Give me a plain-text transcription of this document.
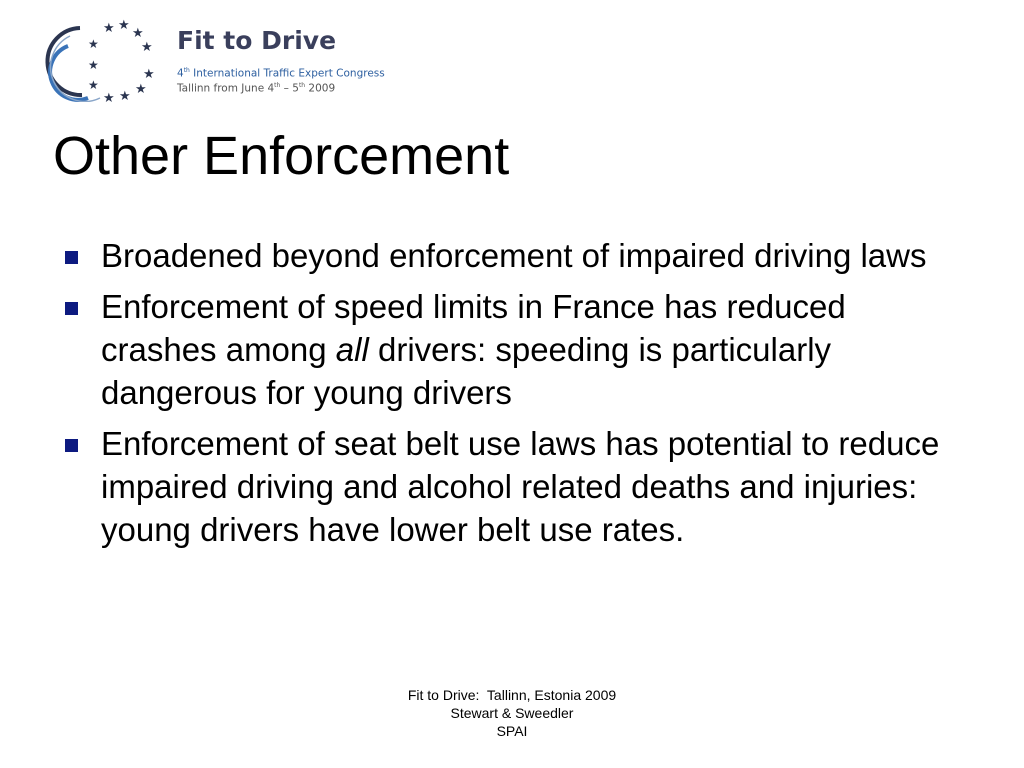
★ ★
★
★
★
★
★
★ ★ ★
★
Fit to Drive
4th International Traffic Expert Congress
Tallinn from June 4th – 5th 2009
Other Enforcement
Broadened beyond enforcement of impaired driving laws
Enforcement of speed limits in France has reduced crashes among all drivers: speeding is particularly dangerous for young drivers
Enforcement of seat belt use laws has potential to reduce impaired driving and alcohol related deaths and injuries: young drivers have lower belt use rates.
Fit to Drive:  Tallinn, Estonia 2009
Stewart & Sweedler
SPAI
